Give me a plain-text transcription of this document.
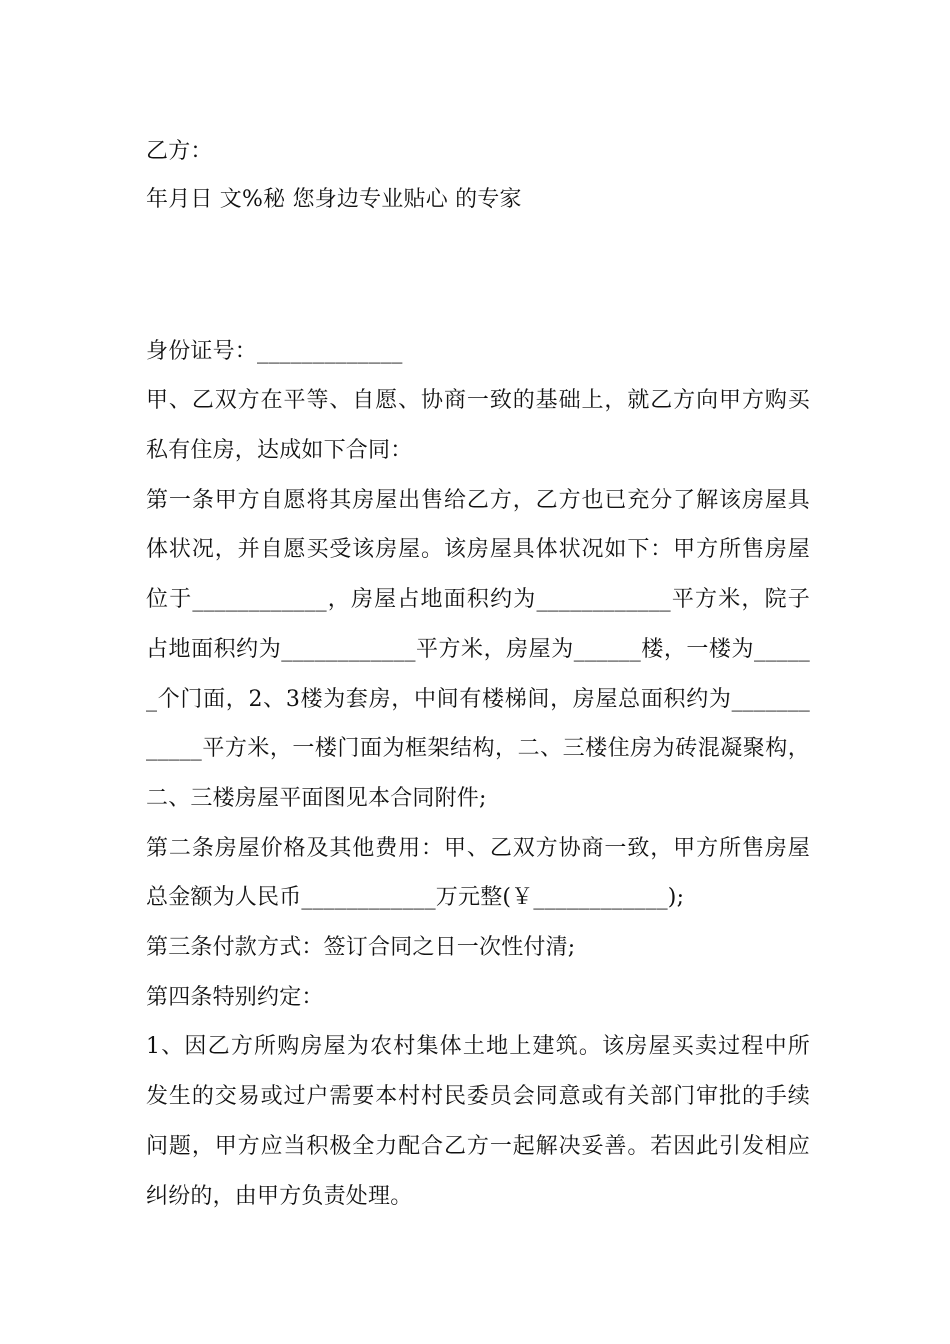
乙方：
年月日 文%秘 您身边专业贴心 的专家
身份证号：_____________
甲、乙双方在平等、自愿、协商一致的基础上，就乙方向甲方购买
私有住房，达成如下合同：
第一条甲方自愿将其房屋出售给乙方，乙方也已充分了解该房屋具
体状况，并自愿买受该房屋。该房屋具体状况如下：甲方所售房屋
位于____________，房屋占地面积约为____________平方米，院子
占地面积约为____________平方米，房屋为______楼，一楼为_____
_个门面，2、3楼为套房，中间有楼梯间，房屋总面积约为_______
_____平方米，一楼门面为框架结构，二、三楼住房为砖混凝聚构，
二、三楼房屋平面图见本合同附件;
第二条房屋价格及其他费用：甲、乙双方协商一致，甲方所售房屋
总金额为人民币____________万元整(￥____________);
第三条付款方式：签订合同之日一次性付清;
第四条特别约定：
1、因乙方所购房屋为农村集体土地上建筑。该房屋买卖过程中所
发生的交易或过户需要本村村民委员会同意或有关部门审批的手续
问题，甲方应当积极全力配合乙方一起解决妥善。若因此引发相应
纠纷的，由甲方负责处理。
